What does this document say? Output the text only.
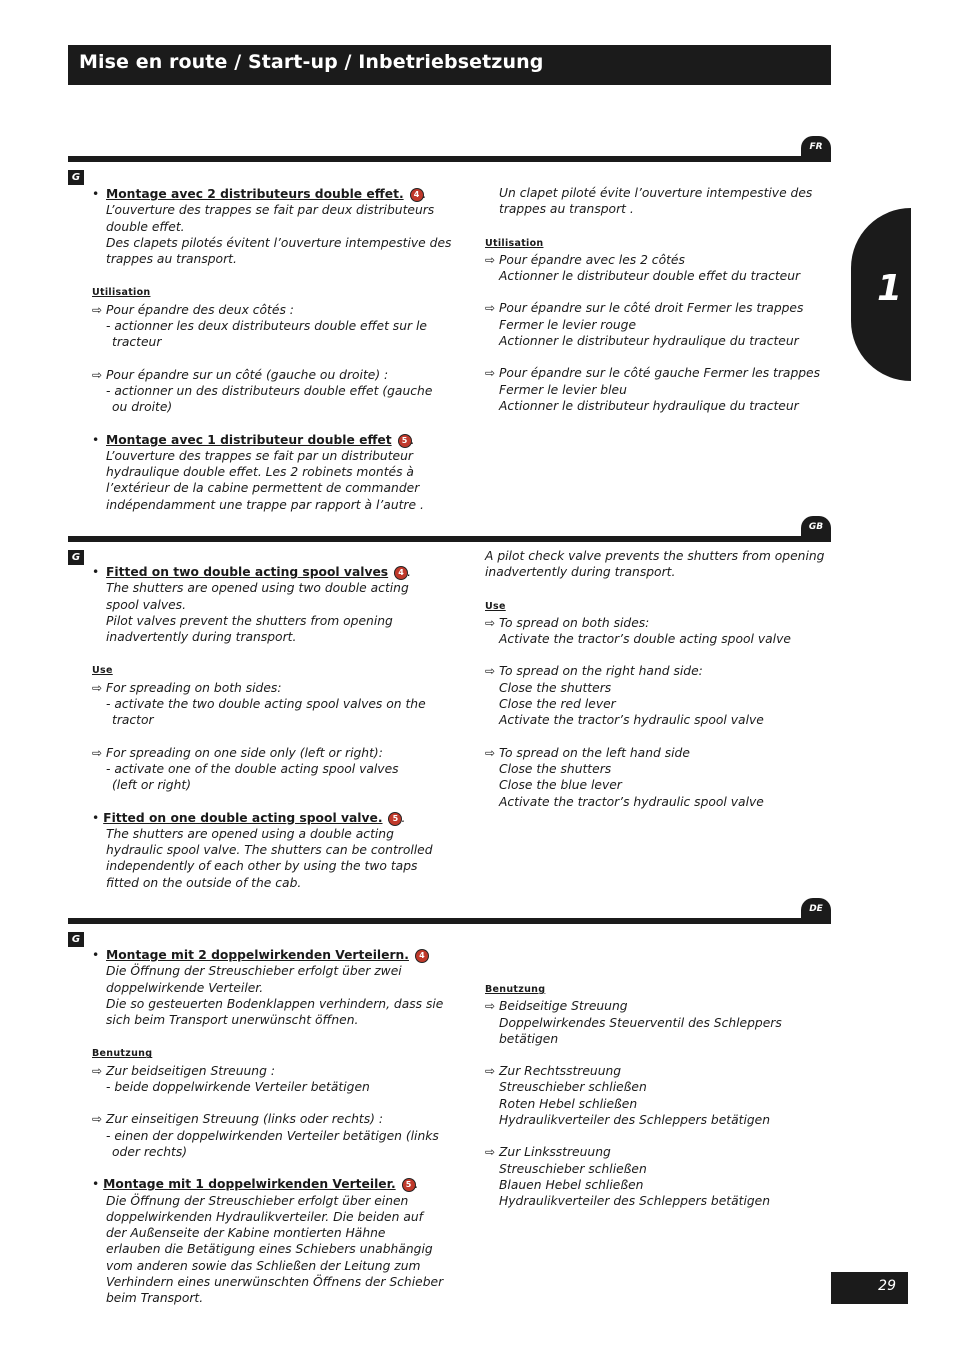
Mise en route / Start-up / Inbetriebsetzung
1
FR
G
• Montage avec 2 distributeurs double effet. 4 .
L’ouverture des trappes se fait par deux distributeurs
double effet.
Des clapets pilotés évitent l’ouverture intempestive des
trappes au transport.
Utilisation
⇨ Pour épandre des deux côtés :
- actionner les deux distributeurs double effet sur le
tracteur
⇨ Pour épandre sur un côté (gauche ou droite) :
- actionner un des distributeurs double effet (gauche
ou droite)
• Montage avec 1 distributeur double effet 5 .
L’ouverture des trappes se fait par un distributeur
hydraulique double effet. Les 2 robinets montés à
l’extérieur de la cabine permettent de commander
indépendamment une trappe par rapport à l’autre .
Un clapet piloté évite l’ouverture intempestive des
trappes au transport .
Utilisation
⇨ Pour épandre avec les 2 côtés
Actionner le distributeur double effet du tracteur
⇨ Pour épandre sur le côté droit Fermer les trappes
Fermer le levier rouge
Actionner le distributeur hydraulique du tracteur
⇨ Pour épandre sur le côté gauche Fermer les trappes
Fermer le levier bleu
Actionner le distributeur hydraulique du tracteur
GB
G
• Fitted on two double acting spool valves 4 .
The shutters are opened using two double acting
spool valves.
Pilot valves prevent the shutters from opening
inadvertently during transport.
Use
⇨ For spreading on both sides:
- activate the two double acting spool valves on the
tractor
⇨ For spreading on one side only (left or right):
- activate one of the double acting spool valves
(left or right)
• Fitted on one double acting spool valve. 5 .
The shutters are opened using a double acting
hydraulic spool valve. The shutters can be controlled
independently of each other by using the two taps
fitted on the outside of the cab.
A pilot check valve prevents the shutters from opening
inadvertently during transport.
Use
⇨ To spread on both sides:
Activate the tractor’s double acting spool valve
⇨ To spread on the right hand side:
Close the shutters
Close the red lever
Activate the tractor’s hydraulic spool valve
⇨ To spread on the left hand side
Close the shutters
Close the blue lever
Activate the tractor’s hydraulic spool valve
DE
G
• Montage mit 2 doppelwirkenden Verteilern. 4
Die Öffnung der Streuschieber erfolgt über zwei
doppelwirkende Verteiler.
Die so gesteuerten Bodenklappen verhindern, dass sie
sich beim Transport unerwünscht öffnen.
Benutzung
⇨ Zur beidseitigen Streuung :
- beide doppelwirkende Verteiler betätigen
⇨ Zur einseitigen Streuung (links oder rechts) :
- einen der doppelwirkenden Verteiler betätigen (links
oder rechts)
• Montage mit 1 doppelwirkenden Verteiler. 5 .
Die Öffnung der Streuschieber erfolgt über einen
doppelwirkenden Hydraulikverteiler. Die beiden auf
der Außenseite der Kabine montierten Hähne
erlauben die Betätigung eines Schiebers unabhängig
vom anderen sowie das Schließen der Leitung zum
Verhindern eines unerwünschten Öffnens der Schieber
beim Transport.
Benutzung
⇨ Beidseitige Streuung
Doppelwirkendes Steuerventil des Schleppers
betätigen
⇨ Zur Rechtsstreuung
Streuschieber schließen
Roten Hebel schließen
Hydraulikverteiler des Schleppers betätigen
⇨ Zur Linksstreuung
Streuschieber schließen
Blauen Hebel schließen
Hydraulikverteiler des Schleppers betätigen
29
